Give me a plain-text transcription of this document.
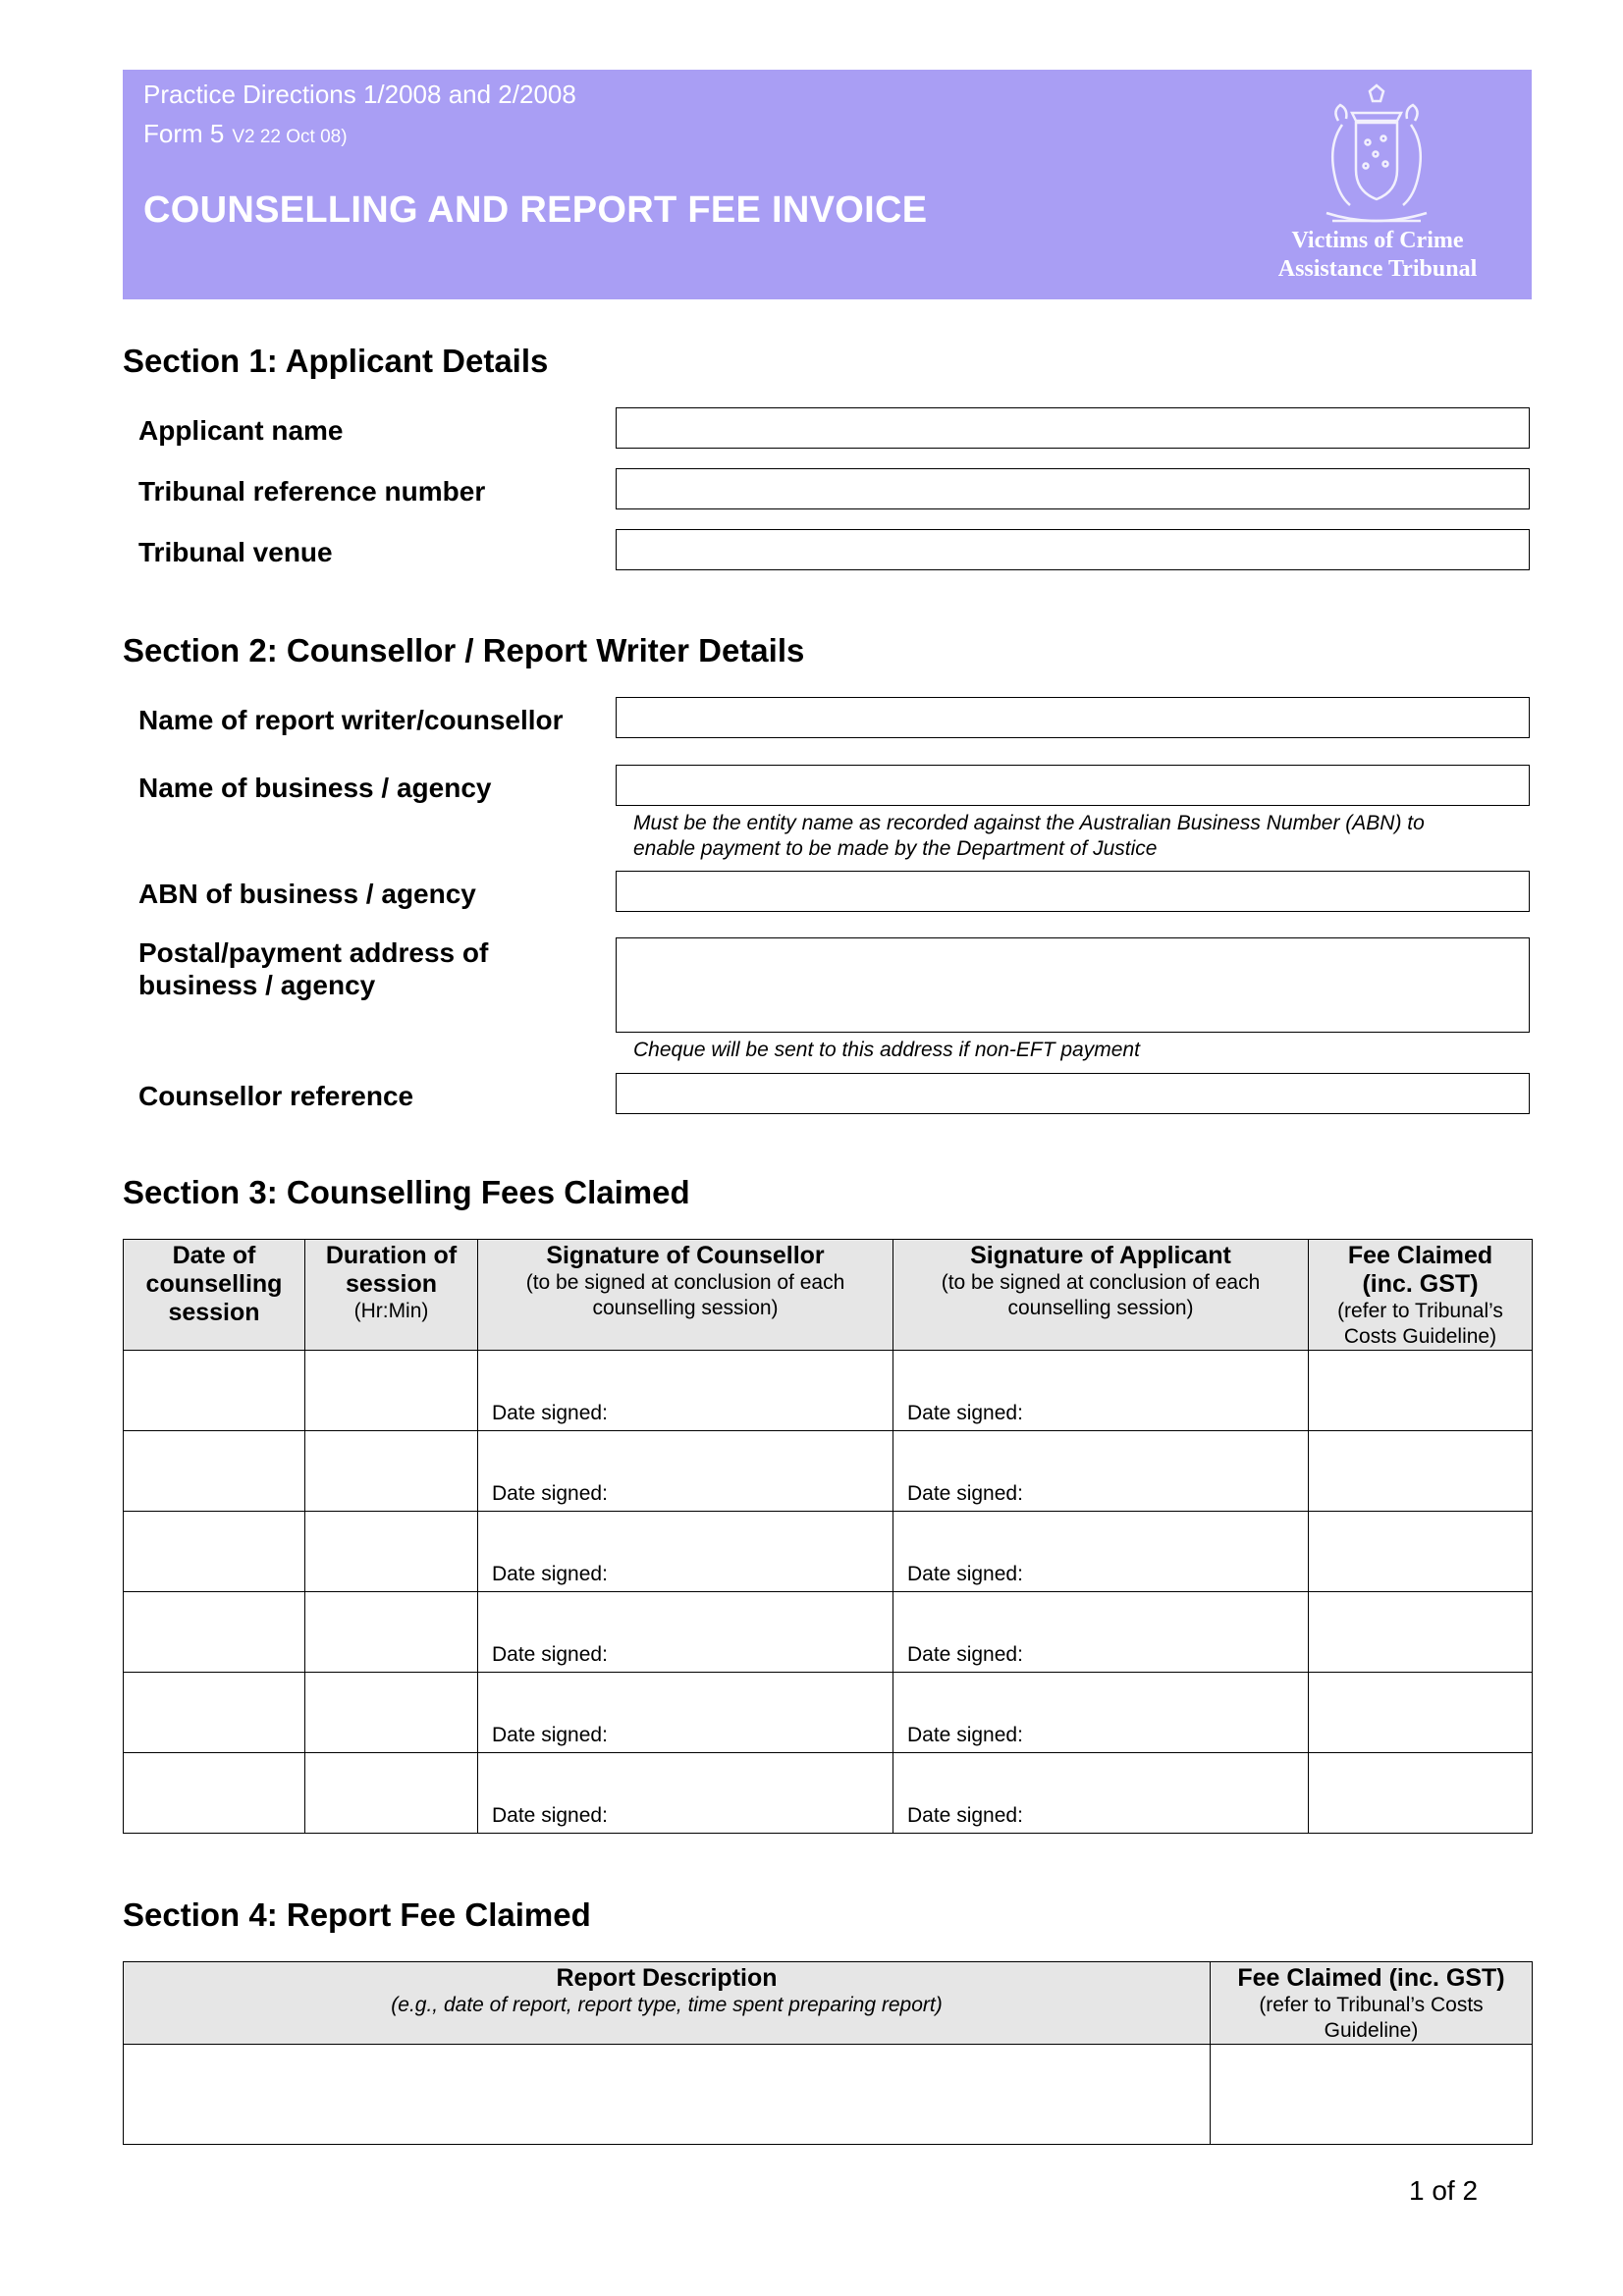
Practice Directions 1/2008 and 2/2008
Form 5 V2 22 Oct 08)
COUNSELLING AND REPORT FEE INVOICE
Victims of Crime
Assistance Tribunal
Section 1: Applicant Details
Applicant name
Tribunal reference number
Tribunal venue
Section 2: Counsellor / Report Writer Details
Name of report writer/counsellor
Name of business / agency
Must be the entity name as recorded against the Australian Business Number (ABN) to
enable payment to be made by the Department of Justice
ABN of business / agency
Postal/payment address of
business / agency
Cheque will be sent to this address if non-EFT payment
Counsellor reference
Section 3: Counselling Fees Claimed
Date of
counselling
session	Duration of
session
(Hr:Min)	Signature of Counsellor
(to be signed at conclusion of each
counselling session)	Signature of Applicant
(to be signed at conclusion of each
counselling session)	Fee Claimed
(inc. GST)
(refer to Tribunal’s
Costs Guideline)

		Date signed:	Date signed:	
		Date signed:	Date signed:	
		Date signed:	Date signed:	
		Date signed:	Date signed:	
		Date signed:	Date signed:	
		Date signed:	Date signed:	
Section 4: Report Fee Claimed
Report Description
(e.g., date of report, report type, time spent preparing report)	Fee Claimed (inc. GST)
(refer to Tribunal’s Costs
Guideline)

1 of 2
